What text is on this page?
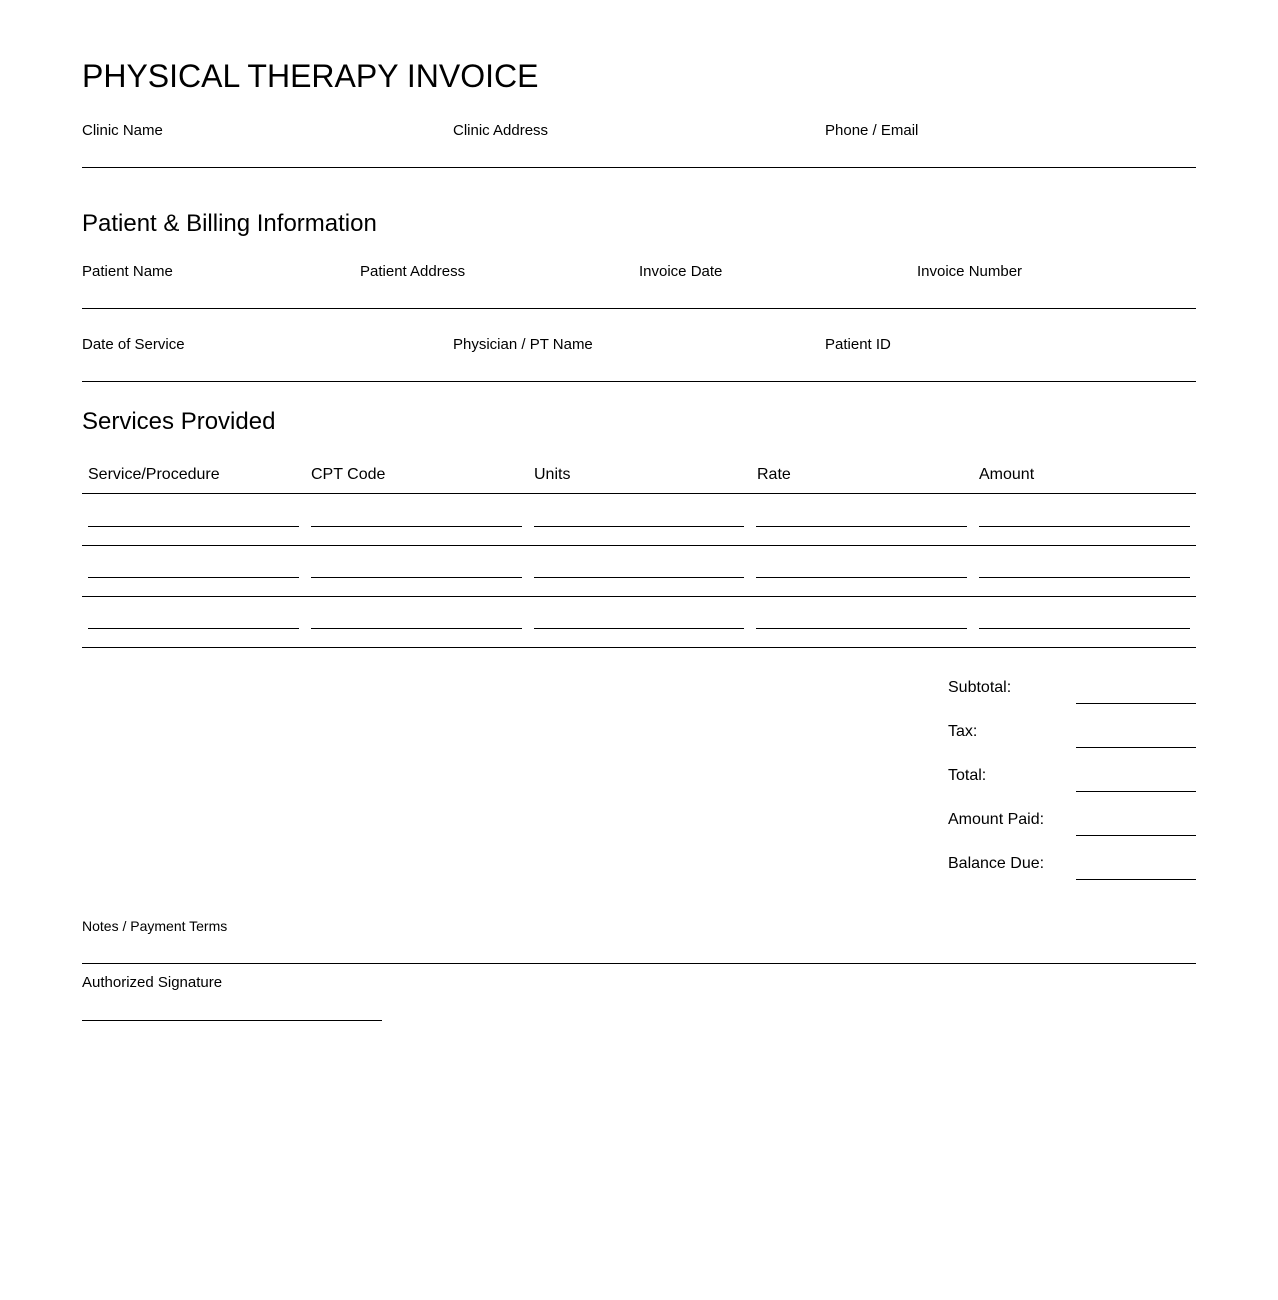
PHYSICAL THERAPY INVOICE
Clinic Name	Clinic Address	Phone / Email
Patient & Billing Information
Patient Name	Patient Address	Invoice Date	Invoice Number
Date of Service	Physician / PT Name	Patient ID
Services Provided
Service/Procedure	CPT Code	Units	Rate	Amount
Subtotal:
Tax:
Total:
Amount Paid:
Balance Due:
Notes / Payment Terms
Authorized Signature
